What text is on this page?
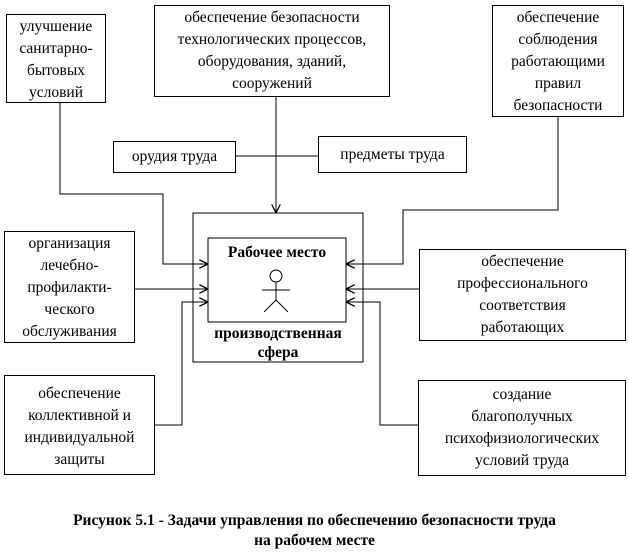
улучшение
санитарно-
бытовых
условий
обеспечение безопасности
технологических процессов,
оборудования, зданий,
сооружений
обеспечение
соблюдения
работающими
правил
безопасности
орудия труда	предметы труда
организация
лечебно-
профилакти-
ческого
обслуживания
обеспечение
профессионального
соответствия
работающих
обеспечение
коллективной и
индивидуальной
защиты
создание
благополучных
психофизиологических
условий труда
Рабочее место
производственная
сфера
Рисунок 5.1 - Задачи управления по обеспечению безопасности труда
на рабочем месте
